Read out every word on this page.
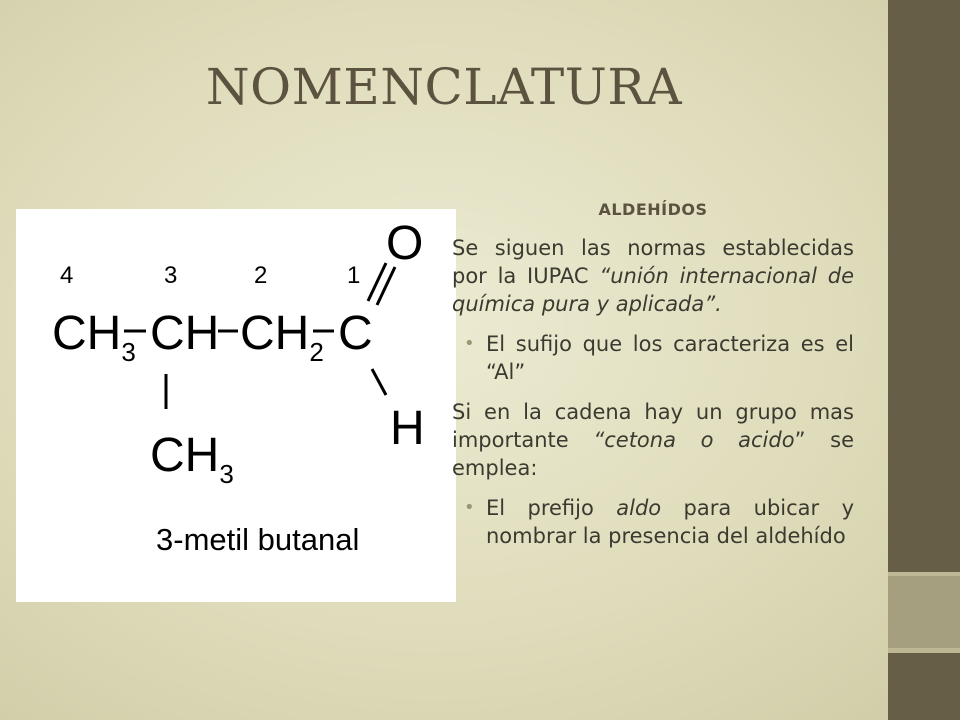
NOMENCLATURA
4	3	2	1
$CH_3$ CH $CH_2$ C
O
H
$CH_3$
3-metil butanal
ALDEHÍDOS

Se siguen las normas establecidas por la IUPAC “unión internacional de química pura y aplicada”.

• El sufijo que los caracteriza es el “Al”

Si en la cadena hay un grupo mas importante “cetona o acido” se emplea:

• El prefijo aldo para ubicar y nombrar la presencia del aldehído
